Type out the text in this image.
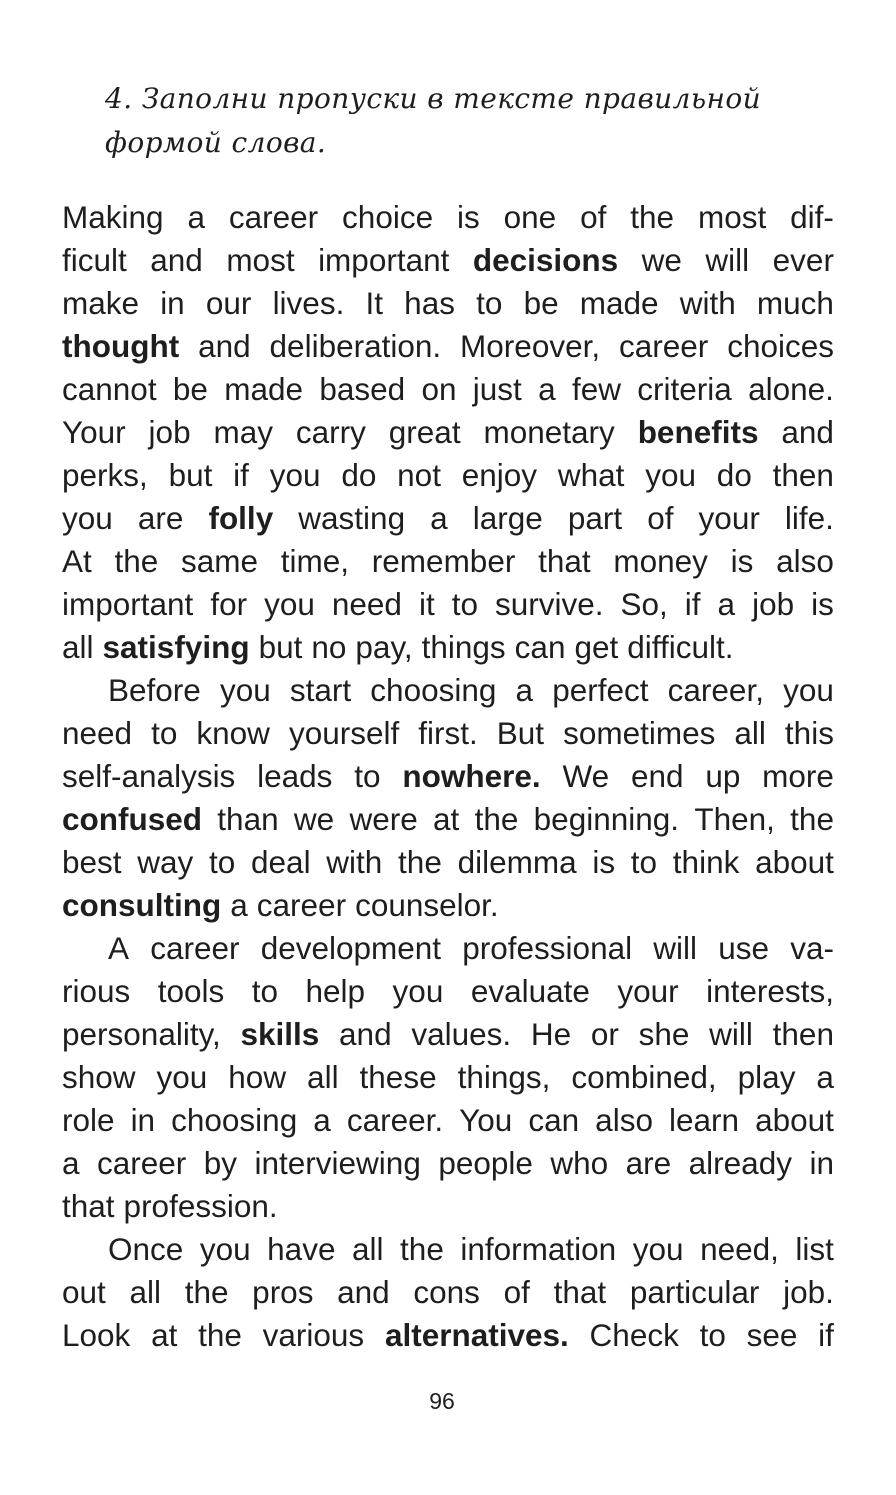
4. Заполни пропуски в тексте правильной
формой слова.
Making a career choice is one of the most dif-
ficult and most important decisions we will ever
make in our lives. It has to be made with much
thought and deliberation. Moreover, career choices
cannot be made based on just a few criteria alone.
Your job may carry great monetary benefits and
perks, but if you do not enjoy what you do then
you are folly wasting a large part of your life.
At the same time, remember that money is also
important for you need it to survive. So, if a job is
all satisfying but no pay, things can get difficult.
Before you start choosing a perfect career, you
need to know yourself first. But sometimes all this
self-analysis leads to nowhere. We end up more
confused than we were at the beginning. Then, the
best way to deal with the dilemma is to think about
consulting a career counselor.
A career development professional will use va-
rious tools to help you evaluate your interests,
personality, skills and values. He or she will then
show you how all these things, combined, play a
role in choosing a career. You can also learn about
a career by interviewing people who are already in
that profession.
Once you have all the information you need, list
out all the pros and cons of that particular job.
Look at the various alternatives. Check to see if
96
